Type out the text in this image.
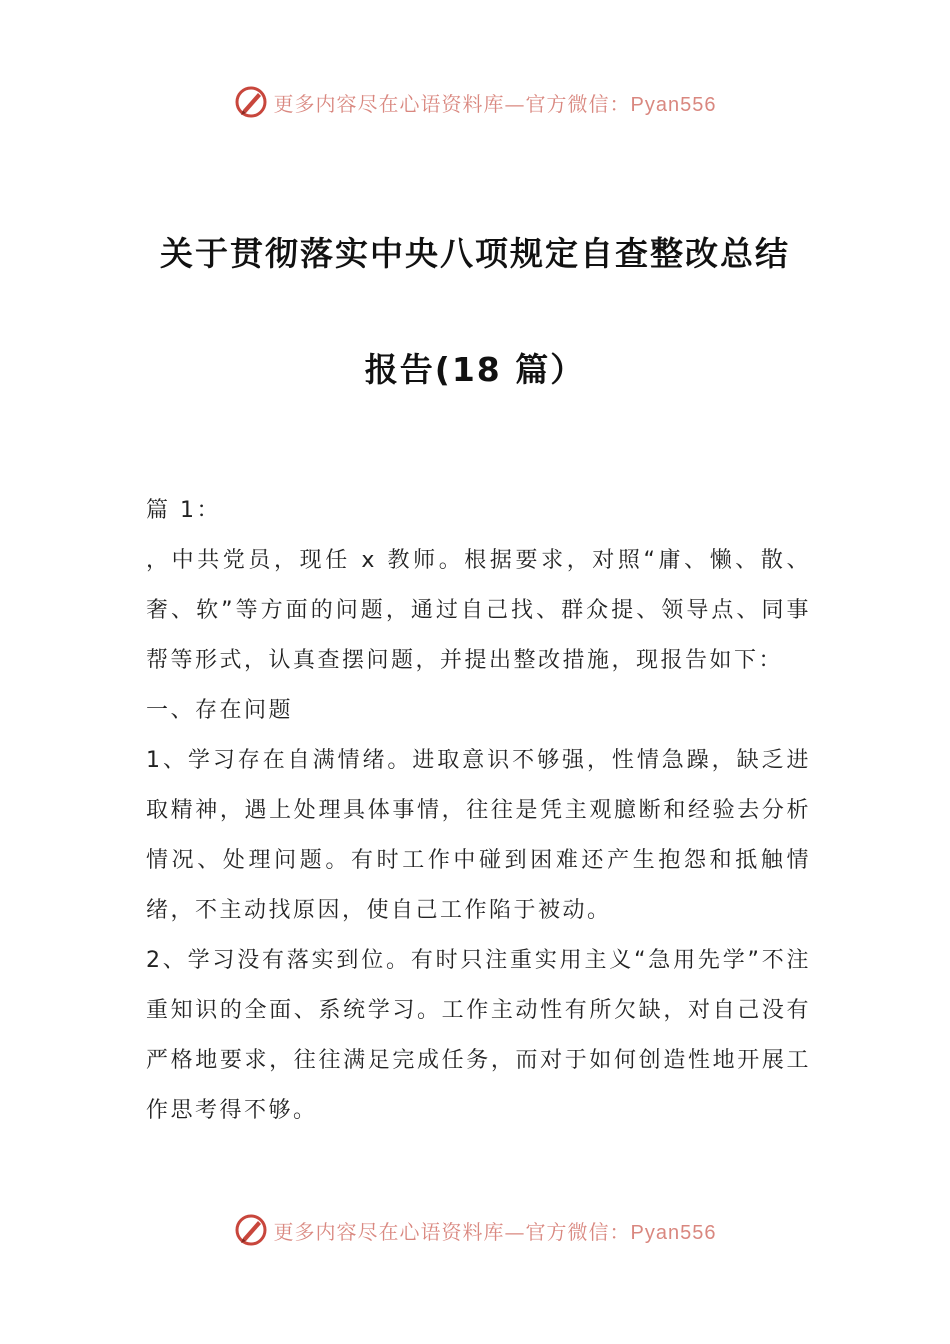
更多内容尽在心语资料库—官方微信：Pyan556
关于贯彻落实中央八项规定自查整改总结
报告(18 篇）

篇 1：

，中共党员，现任 x 教师。根据要求，对照“庸、懒、散、奢、软”等方面的问题，通过自己找、群众提、领导点、同事帮等形式，认真查摆问题，并提出整改措施，现报告如下：

一、存在问题

1、学习存在自满情绪。进取意识不够强，性情急躁，缺乏进取精神，遇上处理具体事情，往往是凭主观臆断和经验去分析情况、处理问题。有时工作中碰到困难还产生抱怨和抵触情绪，不主动找原因，使自己工作陷于被动。

2、学习没有落实到位。有时只注重实用主义“急用先学”不注重知识的全面、系统学习。工作主动性有所欠缺，对自己没有严格地要求，往往满足完成任务，而对于如何创造性地开展工作思考得不够。

更多内容尽在心语资料库—官方微信：Pyan556
